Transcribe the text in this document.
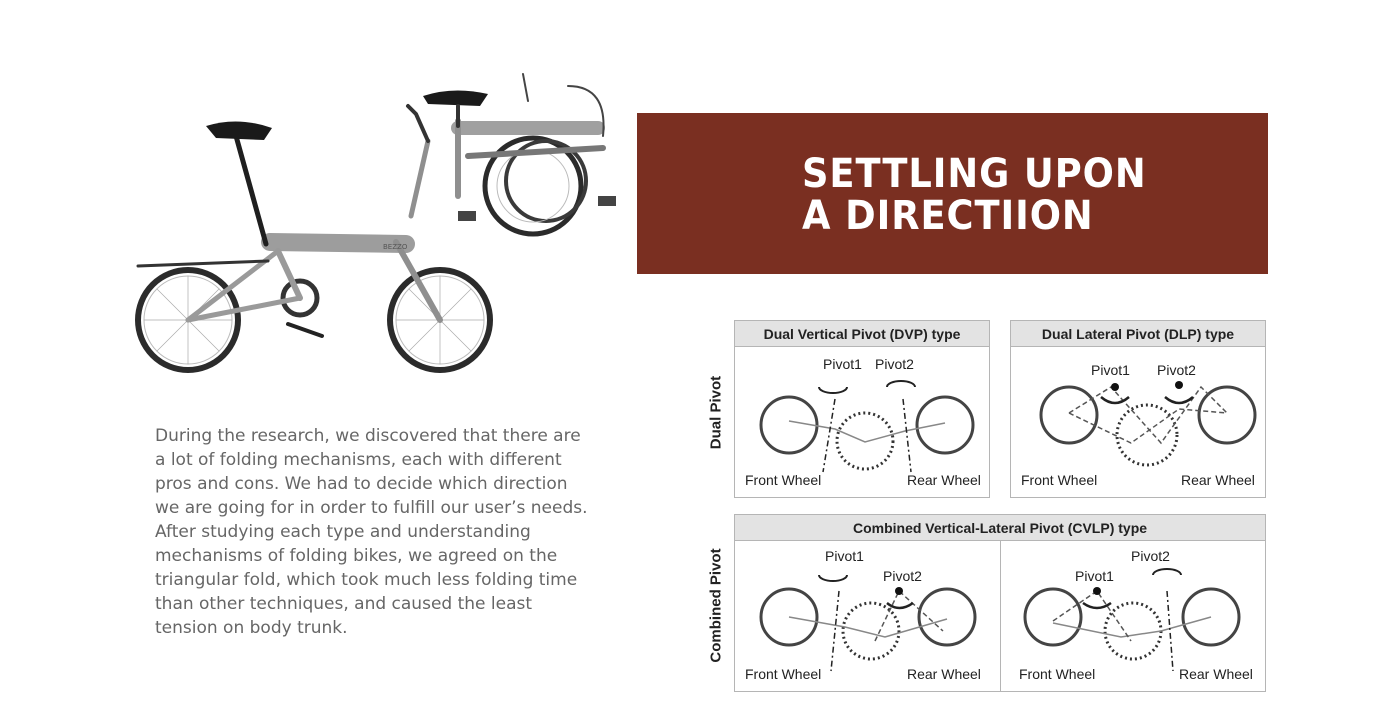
BEZZO
SETTLING UPON
A DIRECTIION

During the research, we discovered that there are a lot of folding mechanisms, each with different pros and cons. We had to decide which direction we are going for in order to fulfill our user’s needs.

After studying each type and understanding mechanisms of folding bikes, we agreed on the triangular fold, which took much less folding time than other techniques, and caused the least tension on body trunk.

Dual Pivot
Combined Pivot
Dual Vertical Pivot (DVP) type
Pivot1 Pivot2
Front Wheel	Rear Wheel
Dual Lateral Pivot (DLP) type
Pivot1 Pivot2
Front Wheel	Rear Wheel
Combined Vertical-Lateral Pivot (CVLP) type
Pivot1
Pivot2
Front Wheel	Rear Wheel
Pivot1
Pivot2
Front Wheel	Rear Wheel
